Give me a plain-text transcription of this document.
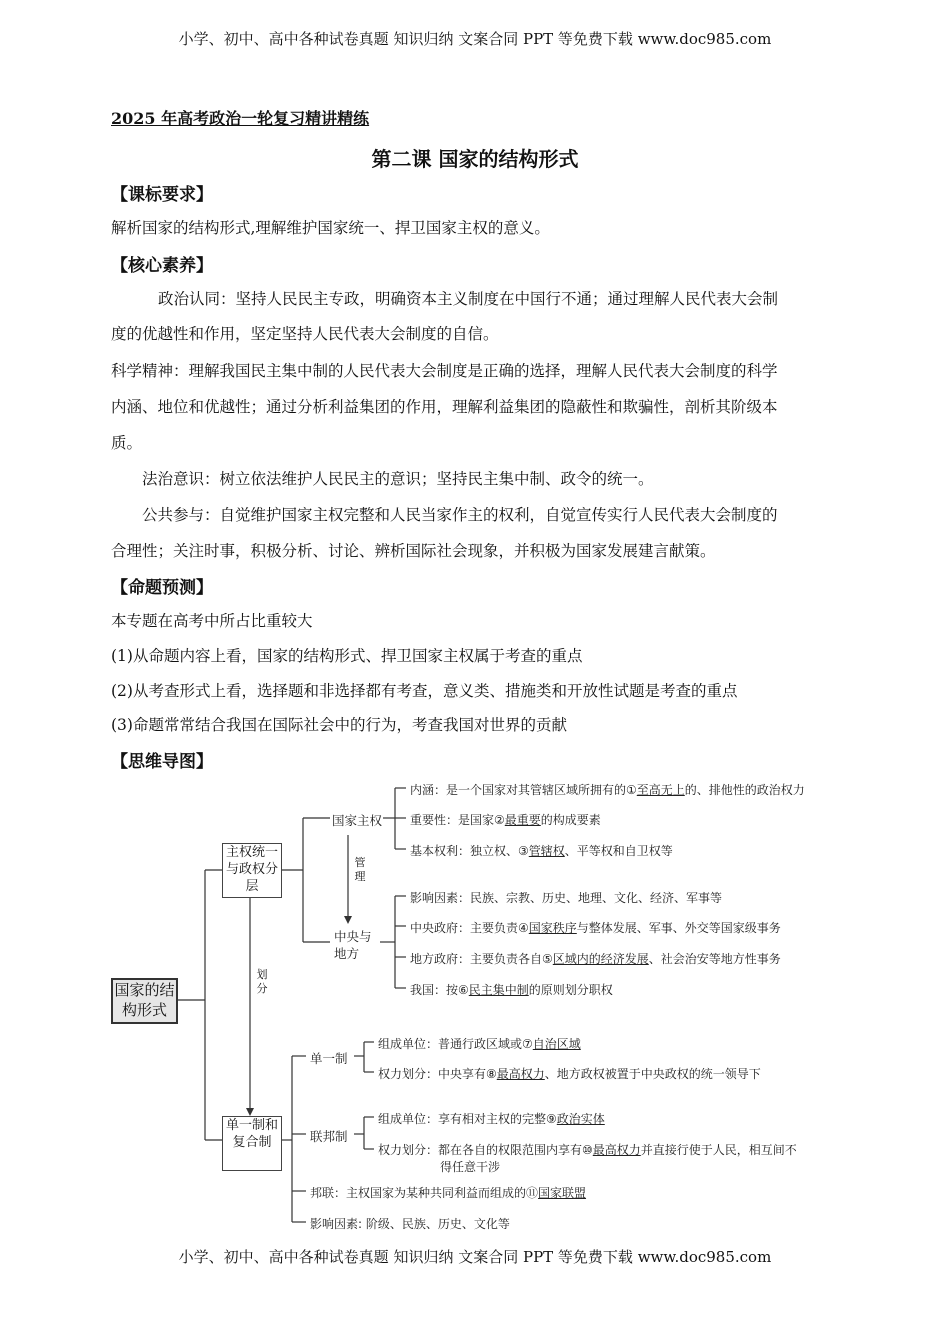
小学、初中、高中各种试卷真题 知识归纳 文案合同 PPT 等免费下载 www.doc985.com
小学、初中、高中各种试卷真题 知识归纳 文案合同 PPT 等免费下载 www.doc985.com
2025 年高考政治一轮复习精讲精练
第二课 国家的结构形式
【课标要求】
解析国家的结构形式,理解维护国家统一、捍卫国家主权的意义。
【核心素养】
政治认同：坚持人民民主专政，明确资本主义制度在中国行不通；通过理解人民代表大会制
度的优越性和作用，坚定坚持人民代表大会制度的自信。
科学精神：理解我国民主集中制的人民代表大会制度是正确的选择，理解人民代表大会制度的科学
内涵、地位和优越性；通过分析利益集团的作用，理解利益集团的隐蔽性和欺骗性，剖析其阶级本
质。
法治意识：树立依法维护人民民主的意识；坚持民主集中制、政令的统一。
公共参与：自觉维护国家主权完整和人民当家作主的权利，自觉宣传实行人民代表大会制度的
合理性；关注时事，积极分析、讨论、辨析国际社会现象，并积极为国家发展建言献策。
【命题预测】
本专题在高考中所占比重较大
(1)从命题内容上看，国家的结构形式、捍卫国家主权属于考查的重点
(2)从考查形式上看，选择题和非选择都有考查，意义类、措施类和开放性试题是考查的重点
(3)命题常常结合我国在国际社会中的行为，考查我国对世界的贡献
【思维导图】
国家的结构形式
主权统一与政权分层
单一制和复合制
划分
管理
国家主权
中央与地方
内涵：是一个国家对其管辖区域所拥有的①至高无上的、排他性的政治权力
重要性：是国家②最重要的构成要素
基本权利：独立权、③管辖权、平等权和自卫权等
影响因素：民族、宗教、历史、地理、文化、经济、军事等
中央政府：主要负责④国家秩序与整体发展、军事、外交等国家级事务
地方政府：主要负责各自⑤区域内的经济发展、社会治安等地方性事务
我国：按⑥民主集中制的原则划分职权
单一制
组成单位：普通行政区域或⑦自治区域
权力划分：中央享有⑧最高权力、地方政权被置于中央政权的统一领导下
联邦制
组成单位：享有相对主权的完整⑨政治实体
权力划分：都在各自的权限范围内享有⑩最高权力并直接行使于人民，相互间不
得任意干涉
邦联：主权国家为某种共同利益而组成的⑪国家联盟
影响因素: 阶级、民族、历史、文化等
